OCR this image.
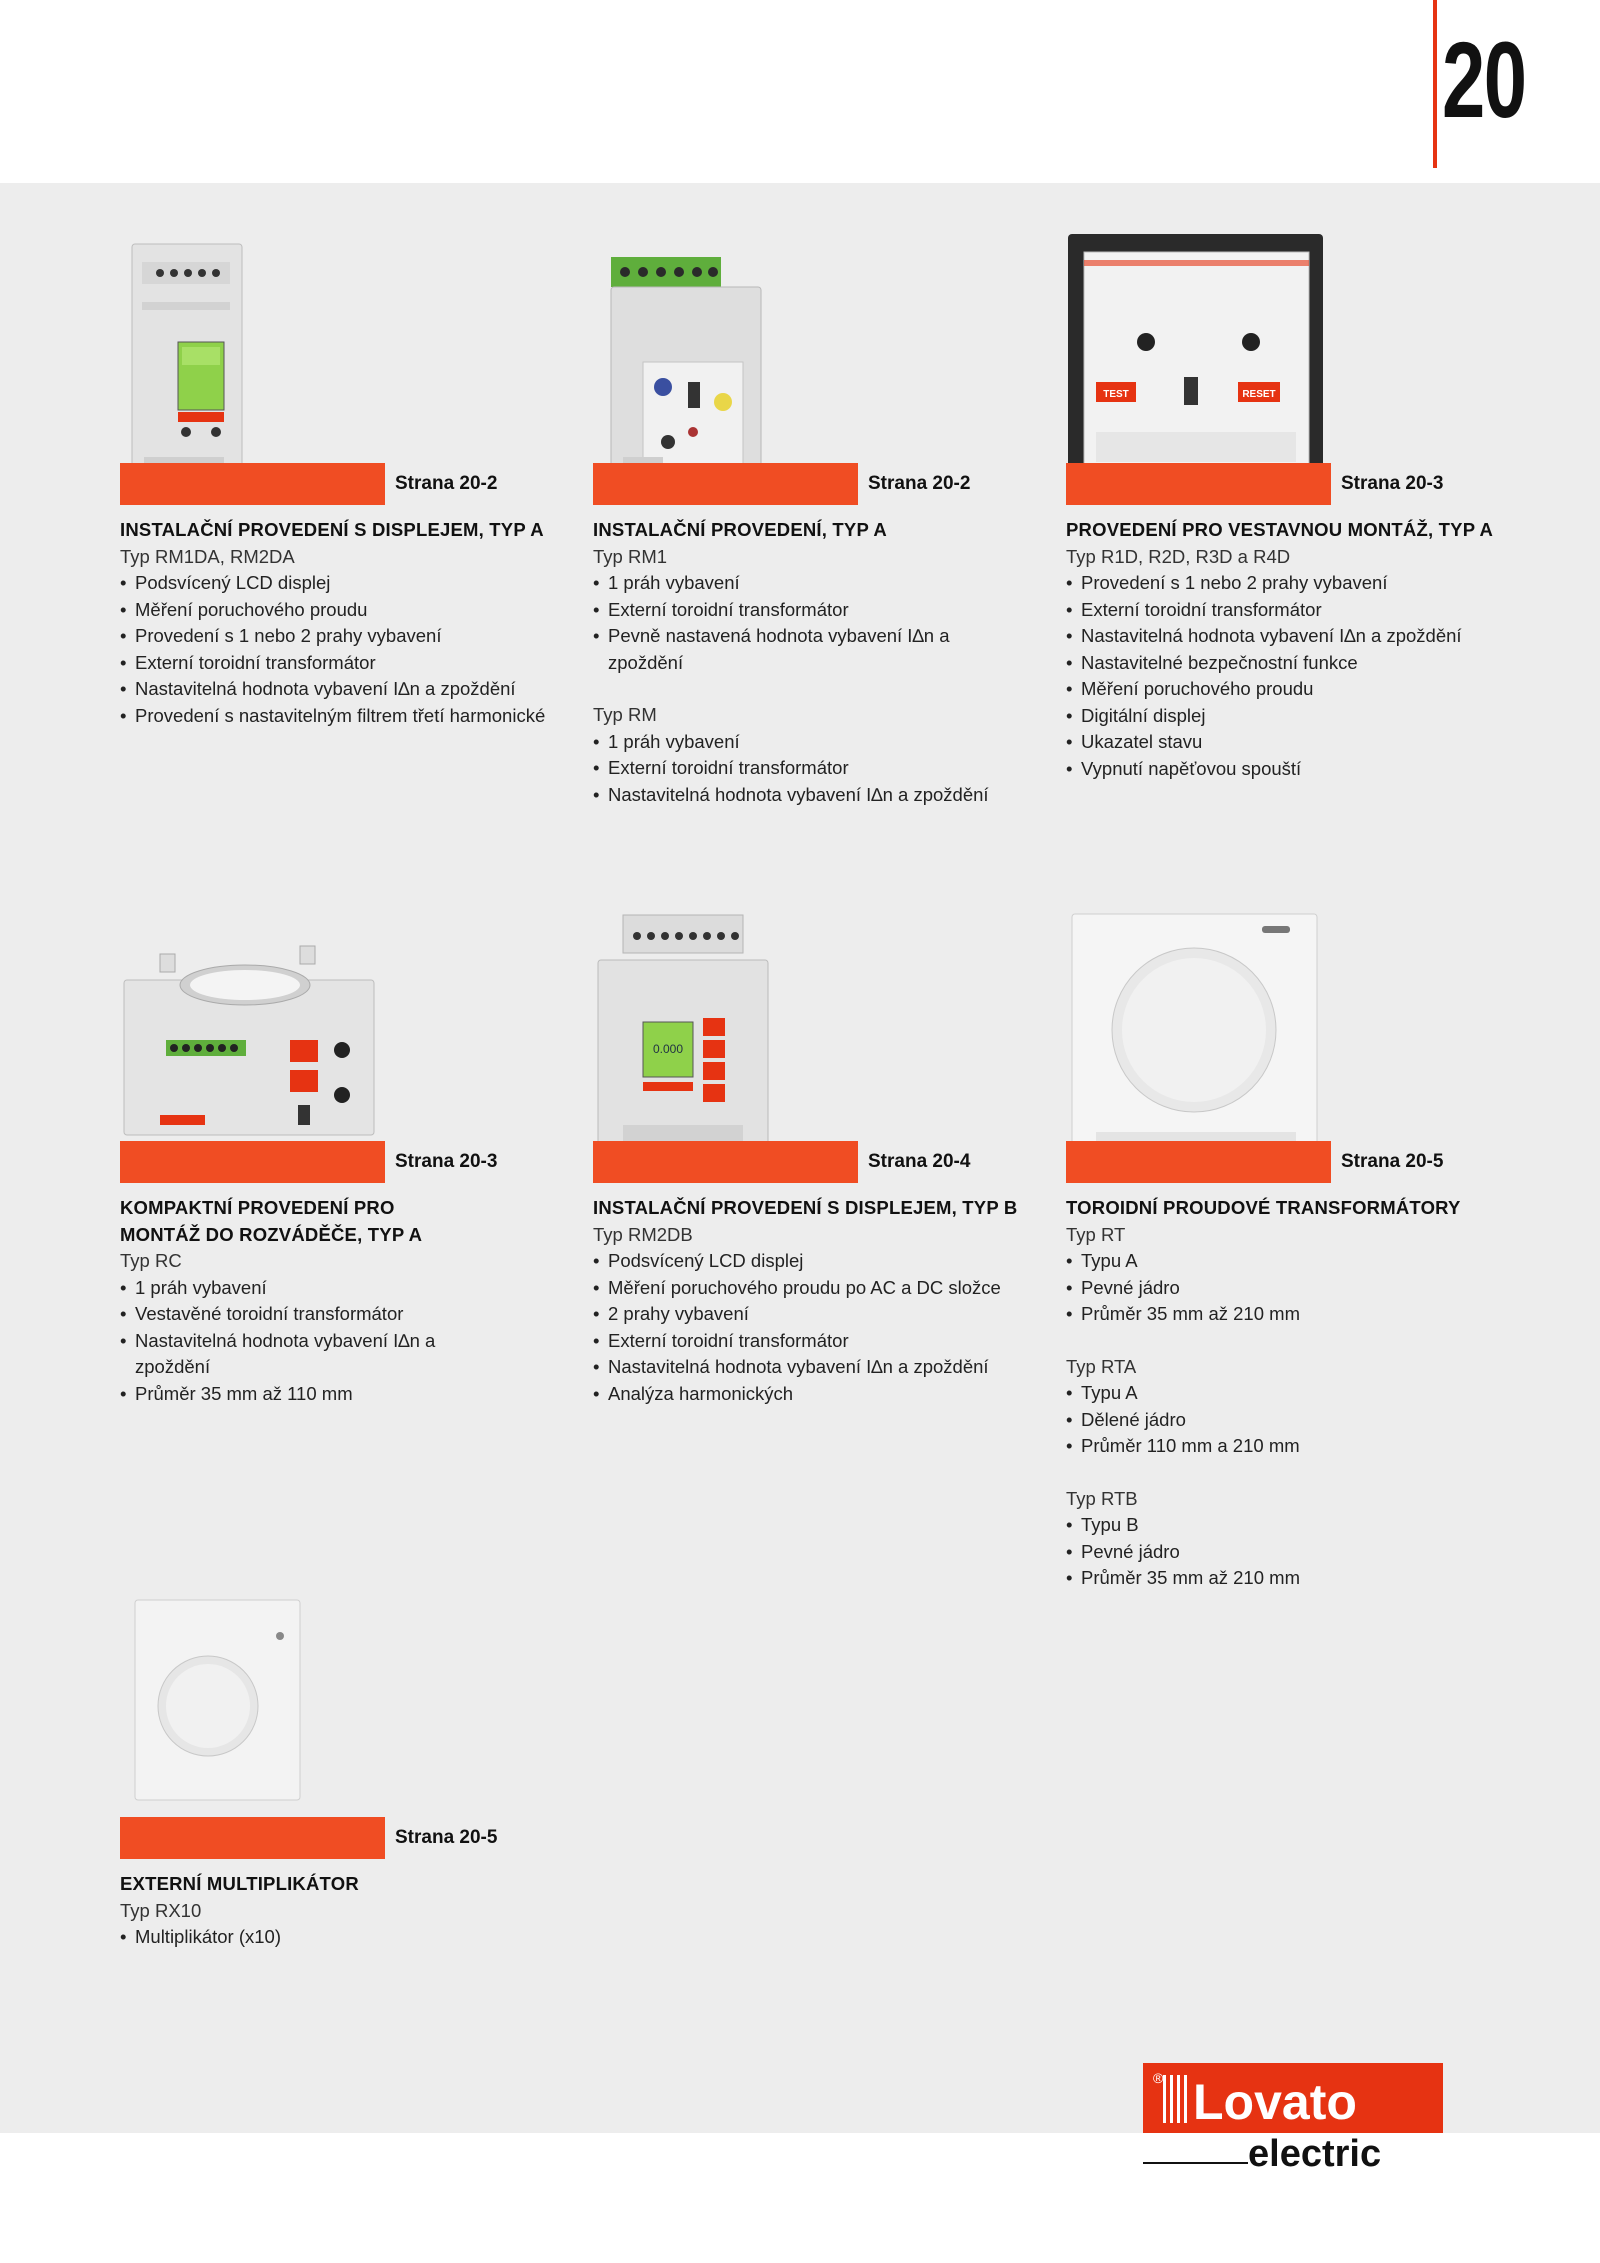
20
Strana 20-2
INSTALAČNÍ PROVEDENÍ S DISPLEJEM, TYP A
Typ RM1DA, RM2DA
• Podsvícený LCD displej
• Měření poruchového proudu
• Provedení s 1 nebo 2 prahy vybavení
• Externí toroidní transformátor
• Nastavitelná hodnota vybavení I∆n a zpoždění
• Provedení s nastavitelným filtrem třetí harmonické
Strana 20-2
INSTALAČNÍ PROVEDENÍ, TYP A
Typ RM1
• 1 práh vybavení
• Externí toroidní transformátor
• Pevně nastavená hodnota vybavení I∆n a zpoždění
Typ RM
• 1 práh vybavení
• Externí toroidní transformátor
• Nastavitelná hodnota vybavení I∆n a zpoždění
TEST	RESET
Strana 20-3
PROVEDENÍ PRO VESTAVNOU MONTÁŽ, TYP A
Typ R1D, R2D, R3D a R4D
• Provedení s 1 nebo 2 prahy vybavení
• Externí toroidní transformátor
• Nastavitelná hodnota vybavení I∆n a zpoždění
• Nastavitelné bezpečnostní funkce
• Měření poruchového proudu
• Digitální displej
• Ukazatel stavu
• Vypnutí napěťovou spouští
Strana 20-3
KOMPAKTNÍ PROVEDENÍ PRO MONTÁŽ DO ROZVÁDĚČE, TYP A
Typ RC
• 1 práh vybavení
• Vestavěné toroidní transformátor
• Nastavitelná hodnota vybavení I∆n a zpoždění
• Průměr 35 mm až 110 mm
0.000
Strana 20-4
INSTALAČNÍ PROVEDENÍ S DISPLEJEM, TYP B
Typ RM2DB
• Podsvícený LCD displej
• Měření poruchového proudu po AC a DC složce
• 2 prahy vybavení
• Externí toroidní transformátor
• Nastavitelná hodnota vybavení I∆n a zpoždění
• Analýza harmonických
Strana 20-5
TOROIDNÍ PROUDOVÉ TRANSFORMÁTORY
Typ RT
• Typu A
• Pevné jádro
• Průměr 35 mm až 210 mm
Typ RTA
• Typu A
• Dělené jádro
• Průměr 110 mm a 210 mm
Typ RTB
• Typu B
• Pevné jádro
• Průměr 35 mm až 210 mm
Strana 20-5
EXTERNÍ MULTIPLIKÁTOR
Typ RX10
• Multiplikátor (x10)
® Lovato
electric
